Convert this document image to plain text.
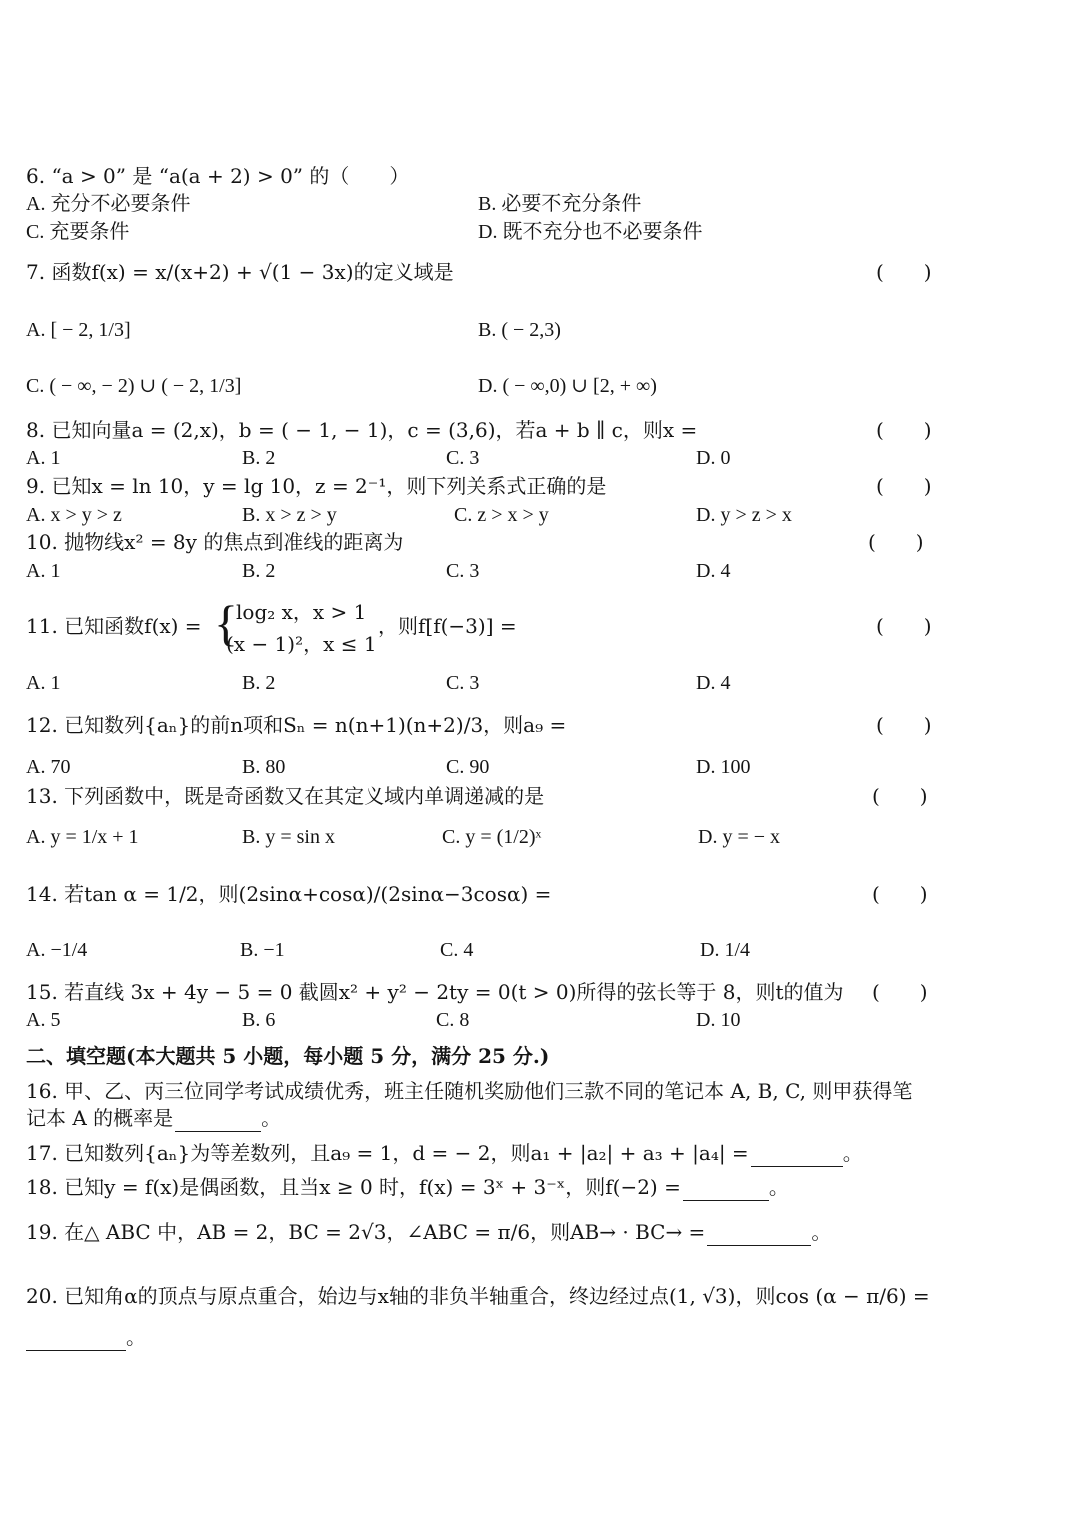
6. “a > 0” 是 “a(a + 2) > 0” 的（　　）
A. 充分不必要条件	B. 必要不充分条件
C. 充要条件	D. 既不充分也不必要条件
7. 函数f(x) = x/(x+2) + √(1 − 3x)的定义域是	(　　)
A. [ − 2, 1/3]	B. ( − 2,3)
C. ( − ∞, − 2) ∪ ( − 2, 1/3]	D. ( − ∞,0) ∪ [2, + ∞)
8. 已知向量a = (2,x)，b = ( − 1, − 1)，c = (3,6)，若a + b ∥ c，则x =	(　　)
A. 1	B. 2	C. 3	D. 0
9. 已知x = ln 10，y = lg 10，z = 2⁻¹，则下列关系式正确的是	(　　)
A. x > y > z	B. x > z > y	C. z > x > y	D. y > z > x
10. 抛物线x² = 8y 的焦点到准线的距离为	(　　)
A. 1	B. 2	C. 3	D. 4
11. 已知函数f(x) = {
log₂ x，x > 1
(x − 1)²，x ≤ 1
，则f[f(−3)] =	(　　)
A. 1	B. 2	C. 3	D. 4
12. 已知数列{aₙ}的前n项和Sₙ = n(n+1)(n+2)/3，则a₉ =	(　　)
A. 70	B. 80	C. 90	D. 100
13. 下列函数中，既是奇函数又在其定义域内单调递减的是	(　　)
A. y = 1/x + 1	B. y = sin x	C. y = (1/2)ˣ	D. y = − x
14. 若tan α = 1/2，则(2sinα+cosα)/(2sinα−3cosα) =	(　　)
A. −1/4	B. −1	C. 4	D. 1/4
15. 若直线 3x + 4y − 5 = 0 截圆x² + y² − 2ty = 0(t > 0)所得的弦长等于 8，则t的值为 (　　)
A. 5	B. 6	C. 8	D. 10
二、填空题(本大题共 5 小题，每小题 5 分，满分 25 分.)
16. 甲、乙、丙三位同学考试成绩优秀，班主任随机奖励他们三款不同的笔记本 A, B, C, 则甲获得笔
记本 A 的概率是	。
17. 已知数列{aₙ}为等差数列，且a₉ = 1，d = − 2，则a₁ + |a₂| + a₃ + |a₄| =	。
18. 已知y = f(x)是偶函数，且当x ≥ 0 时，f(x) = 3ˣ + 3⁻ˣ，则f(−2) =	。
19. 在△ ABC 中，AB = 2，BC = 2√3，∠ABC = π/6，则AB→ · BC→ =	。
20. 已知角α的顶点与原点重合，始边与x轴的非负半轴重合，终边经过点(1, √3)，则cos (α − π/6) =
。
